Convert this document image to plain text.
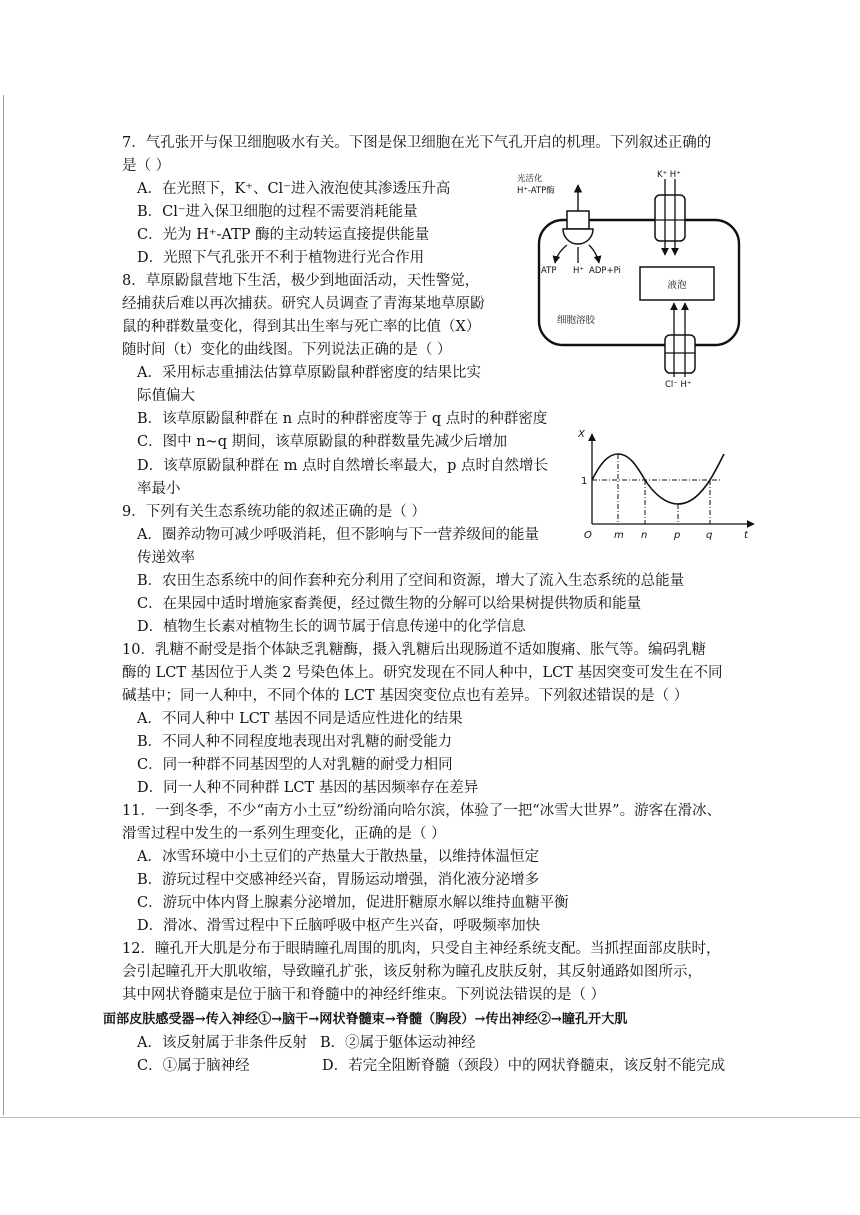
7．气孔张开与保卫细胞吸水有关。下图是保卫细胞在光下气孔开启的机理。下列叙述正确的
是（ ）
A．在光照下，K⁺、Cl⁻进入液泡使其渗透压升高
B．Cl⁻进入保卫细胞的过程不需要消耗能量
C．光为 H⁺-ATP 酶的主动转运直接提供能量
D．光照下气孔张开不利于植物进行光合作用
8．草原鼢鼠营地下生活，极少到地面活动，天性警觉，
经捕获后难以再次捕获。研究人员调查了青海某地草原鼢
鼠的种群数量变化，得到其出生率与死亡率的比值（X）
随时间（t）变化的曲线图。下列说法正确的是（ ）
A．采用标志重捕法估算草原鼢鼠种群密度的结果比实
际值偏大
B．该草原鼢鼠种群在 n 点时的种群密度等于 q 点时的种群密度
C．图中 n~q 期间，该草原鼢鼠的种群数量先减少后增加
D．该草原鼢鼠种群在 m 点时自然增长率最大，p 点时自然增长
率最小
9．下列有关生态系统功能的叙述正确的是（ ）
A．圈养动物可减少呼吸消耗，但不影响与下一营养级间的能量
传递效率
B．农田生态系统中的间作套种充分利用了空间和资源，增大了流入生态系统的总能量
C．在果园中适时增施家畜粪便，经过微生物的分解可以给果树提供物质和能量
D．植物生长素对植物生长的调节属于信息传递中的化学信息
10．乳糖不耐受是指个体缺乏乳糖酶，摄入乳糖后出现肠道不适如腹痛、胀气等。编码乳糖
酶的 LCT 基因位于人类 2 号染色体上。研究发现在不同人种中，LCT 基因突变可发生在不同
碱基中；同一人种中，不同个体的 LCT 基因突变位点也有差异。下列叙述错误的是（ ）
A．不同人种中 LCT 基因不同是适应性进化的结果
B．不同人种不同程度地表现出对乳糖的耐受能力
C．同一种群不同基因型的人对乳糖的耐受力相同
D．同一人种不同种群 LCT 基因的基因频率存在差异
11．一到冬季，不少“南方小土豆”纷纷涌向哈尔滨，体验了一把“冰雪大世界”。游客在滑冰、
滑雪过程中发生的一系列生理变化，正确的是（ ）
A．冰雪环境中小土豆们的产热量大于散热量，以维持体温恒定
B．游玩过程中交感神经兴奋，胃肠运动增强，消化液分泌增多
C．游玩中体内肾上腺素分泌增加，促进肝糖原水解以维持血糖平衡
D．滑冰、滑雪过程中下丘脑呼吸中枢产生兴奋，呼吸频率加快
12．瞳孔开大肌是分布于眼睛瞳孔周围的肌肉，只受自主神经系统支配。当抓捏面部皮肤时，
会引起瞳孔开大肌收缩，导致瞳孔扩张，该反射称为瞳孔皮肤反射，其反射通路如图所示，
其中网状脊髓束是位于脑干和脊髓中的神经纤维束。下列说法错误的是（ ）
面部皮肤感受器→传入神经①→脑干→网状脊髓束→脊髓（胸段）→传出神经②→瞳孔开大肌
A．该反射属于非条件反射 B．②属于躯体运动神经
C．①属于脑神经	D．若完全阻断脊髓（颈段）中的网状脊髓束，该反射不能完成
光活化
H⁺-ATP酶
ATP H⁺ ADP+Pi
K⁺ H⁺
液泡
细胞溶胶
Cl⁻ H⁺
X
1
O m n	p	q	t
